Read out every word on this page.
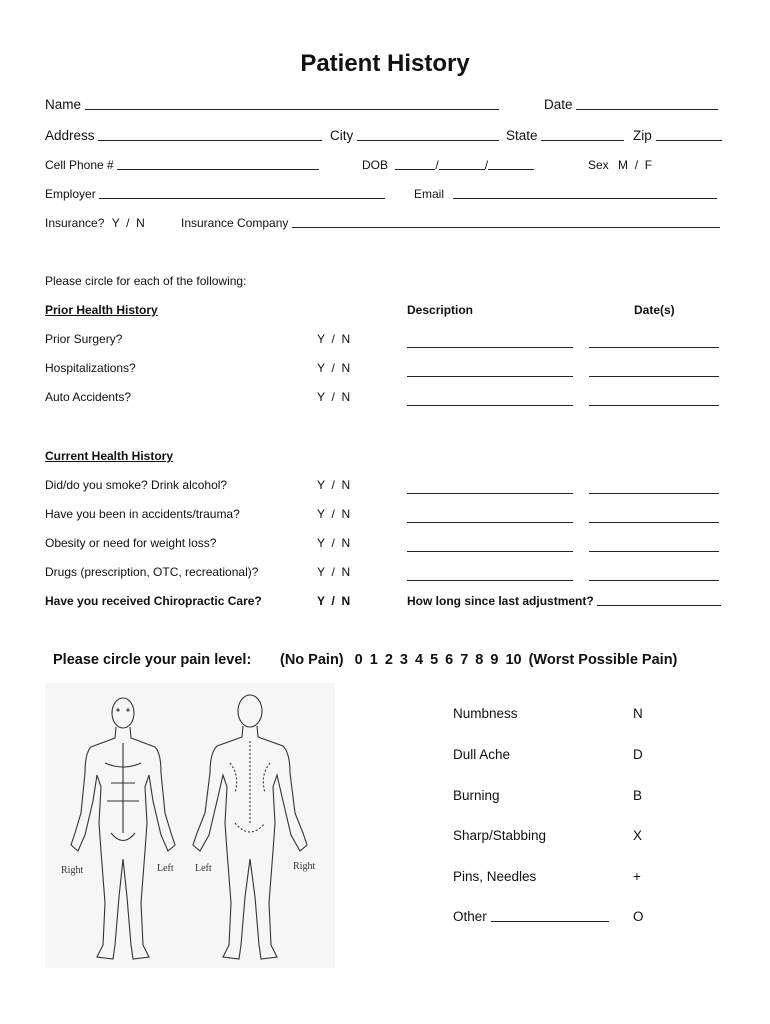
Patient History
Name	Date
Address	City	State	Zip
Cell Phone #	DOB	/	/	Sex M  /  F
Employer	Email
Insurance? Y  /  N	Insurance Company
Please circle for each of the following:
Prior Health History	Description	Date(s)
Prior Surgery?	Y  /  N
Hospitalizations?	Y  /  N
Auto Accidents?	Y  /  N
Current Health History
Did/do you smoke? Drink alcohol?	Y  /  N
Have you been in accidents/trauma?	Y  /  N
Obesity or need for weight loss?	Y  /  N
Drugs (prescription, OTC, recreational)?	Y  /  N
Have you received Chiropractic Care?	Y  /  N	How long since last adjustment?
Please circle your pain level: (No Pain) 0 1 2 3 4 5 6 7 8 9 10 (Worst Possible Pain)
Right	Left Left	Right
Numbness	N
Dull Ache	D
Burning	B
Sharp/Stabbing	X
Pins, Needles	+
Other	O
